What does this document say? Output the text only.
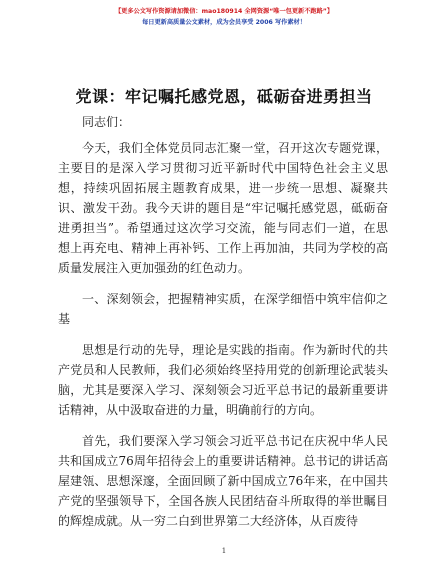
【更多公文写作资源请加微信：mao180914 全网资源“唯一包更新不跑路”】
每日更新高质量公文素材，成为会员享受 2006 写作素材！
党课：牢记嘱托感党恩，砥砺奋进勇担当

同志们：

今天，我们全体党员同志汇聚一堂，召开这次专题党课，主要目的是深入学习贯彻习近平新时代中国特色社会主义思想，持续巩固拓展主题教育成果，进一步统一思想、凝聚共识、激发干劲。我今天讲的题目是“牢记嘱托感党恩，砥砺奋进勇担当”。希望通过这次学习交流，能与同志们一道，在思想上再充电、精神上再补钙、工作上再加油，共同为学校的高质量发展注入更加强劲的红色动力。

一、深刻领会，把握精神实质，在深学细悟中筑牢信仰之基

思想是行动的先导，理论是实践的指南。作为新时代的共产党员和人民教师，我们必须始终坚持用党的创新理论武装头脑，尤其是要深入学习、深刻领会习近平总书记的最新重要讲话精神，从中汲取奋进的力量，明确前行的方向。

首先，我们要深入学习领会习近平总书记在庆祝中华人民共和国成立76周年招待会上的重要讲话精神。总书记的讲话高屋建瓴、思想深邃，全面回顾了新中国成立76年来，在中国共产党的坚强领导下，全国各族人民团结奋斗所取得的举世瞩目的辉煌成就。从一穷二白到世界第二大经济体，从百废待

1
